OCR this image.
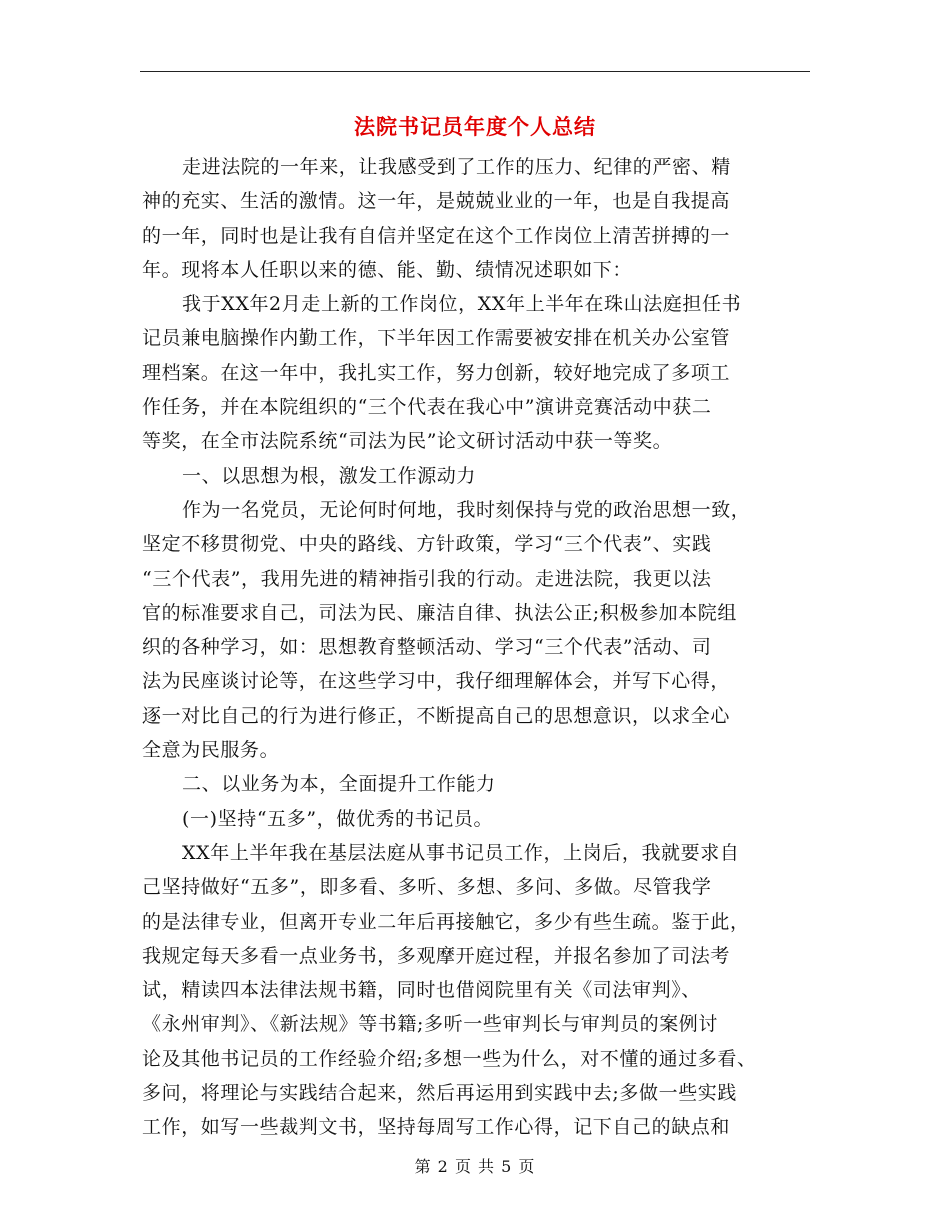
法院书记员年度个人总结
走进法院的一年来，让我感受到了工作的压力、纪律的严密、精
神的充实、生活的激情。这一年，是兢兢业业的一年，也是自我提高
的一年，同时也是让我有自信并坚定在这个工作岗位上清苦拼搏的一
年。现将本人任职以来的德、能、勤、绩情况述职如下：
我于XX年2月走上新的工作岗位，XX年上半年在珠山法庭担任书
记员兼电脑操作内勤工作，下半年因工作需要被安排在机关办公室管
理档案。在这一年中，我扎实工作，努力创新，较好地完成了多项工
作任务，并在本院组织的“三个代表在我心中”演讲竞赛活动中获二
等奖，在全市法院系统“司法为民”论文研讨活动中获一等奖。
一、以思想为根，激发工作源动力
作为一名党员，无论何时何地，我时刻保持与党的政治思想一致，
坚定不移贯彻党、中央的路线、方针政策，学习“三个代表”、实践
“三个代表”，我用先进的精神指引我的行动。走进法院，我更以法
官的标准要求自己，司法为民、廉洁自律、执法公正;积极参加本院组
织的各种学习，如：思想教育整顿活动、学习“三个代表”活动、司
法为民座谈讨论等，在这些学习中，我仔细理解体会，并写下心得，
逐一对比自己的行为进行修正，不断提高自己的思想意识，以求全心
全意为民服务。
二、以业务为本，全面提升工作能力
(一)坚持“五多”，做优秀的书记员。
XX年上半年我在基层法庭从事书记员工作，上岗后，我就要求自
己坚持做好“五多”，即多看、多听、多想、多问、多做。尽管我学
的是法律专业，但离开专业二年后再接触它，多少有些生疏。鉴于此，
我规定每天多看一点业务书，多观摩开庭过程，并报名参加了司法考
试，精读四本法律法规书籍，同时也借阅院里有关《司法审判》、
《永州审判》、《新法规》等书籍;多听一些审判长与审判员的案例讨
论及其他书记员的工作经验介绍;多想一些为什么，对不懂的通过多看、
多问，将理论与实践结合起来，然后再运用到实践中去;多做一些实践
工作，如写一些裁判文书，坚持每周写工作心得，记下自己的缺点和
第 2 页 共 5 页
